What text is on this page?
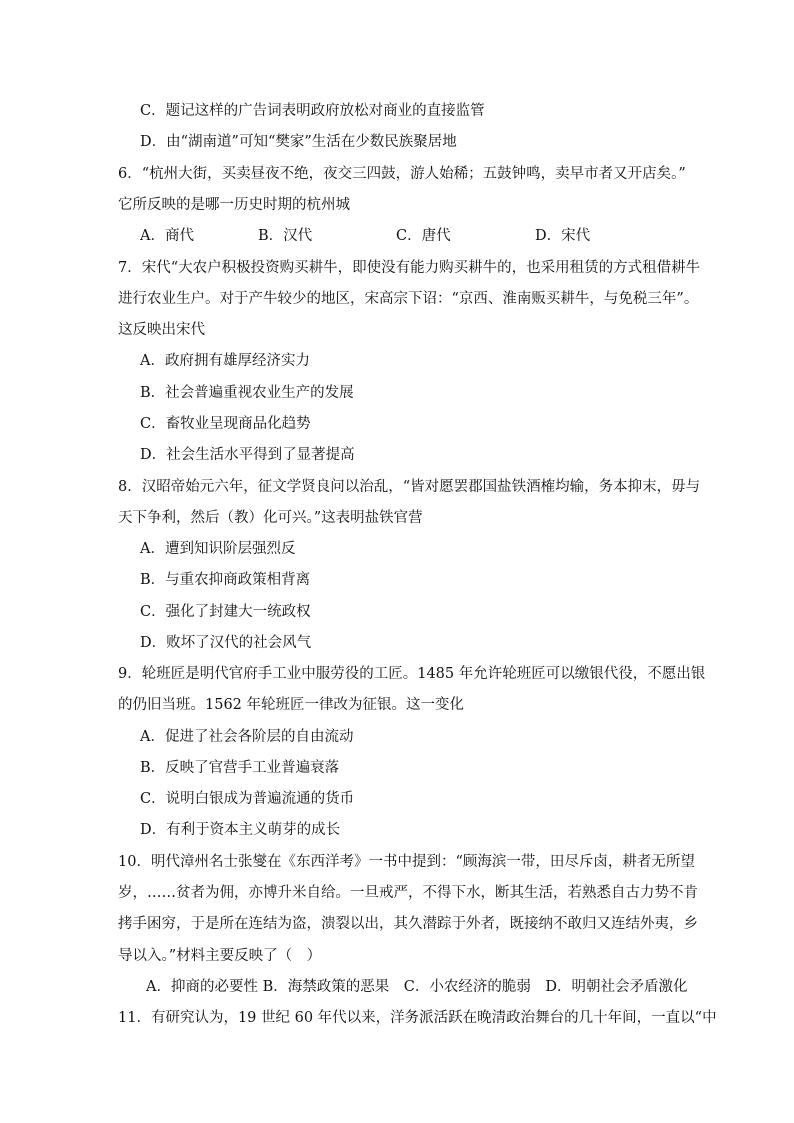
C．题记这样的广告词表明政府放松对商业的直接监管
D．由“湖南道”可知“樊家”生活在少数民族聚居地
6．“杭州大街，买卖昼夜不绝，夜交三四鼓，游人始稀；五鼓钟鸣，卖早市者又开店矣。”
它所反映的是哪一历史时期的杭州城
A．商代	B．汉代	C．唐代	D．宋代
7．宋代“大农户积极投资购买耕牛，即使没有能力购买耕牛的，也采用租赁的方式租借耕牛
进行农业生户。对于产牛较少的地区，宋高宗下诏：“京西、淮南贩买耕牛，与免税三年”。
这反映出宋代
A．政府拥有雄厚经济实力
B．社会普遍重视农业生产的发展
C．畜牧业呈现商品化趋势
D．社会生活水平得到了显著提高
8．汉昭帝始元六年，征文学贤良问以治乱，“皆对愿罢郡国盐铁酒榷均输，务本抑末，毋与
天下争利，然后（教）化可兴。”这表明盐铁官营
A．遭到知识阶层强烈反
B．与重农抑商政策相背离
C．强化了封建大一统政权
D．败坏了汉代的社会风气
9．轮班匠是明代官府手工业中服劳役的工匠。1485 年允许轮班匠可以缴银代役，不愿出银
的仍旧当班。1562 年轮班匠一律改为征银。这一变化
A．促进了社会各阶层的自由流动
B．反映了官营手工业普遍衰落
C．说明白银成为普遍流通的货币
D．有利于资本主义萌芽的成长
10．明代漳州名士张燮在《东西洋考》一书中提到：“顾海滨一带，田尽斥卤，耕者无所望
岁，……贫者为佣，亦博升米自给。一旦戒严，不得下水，断其生活，若熟悉自古力势不肯
拷手困穷，于是所在连结为盗，溃裂以出，其久潜踪于外者，既接纳不敢归又连结外夷，乡
导以入。”材料主要反映了（　）
A．抑商的必要性 B．海禁政策的恶果　C．小农经济的脆弱　D．明朝社会矛盾激化
11．有研究认为，19 世纪 60 年代以来，洋务派活跃在晚清政治舞台的几十年间，一直以“中
